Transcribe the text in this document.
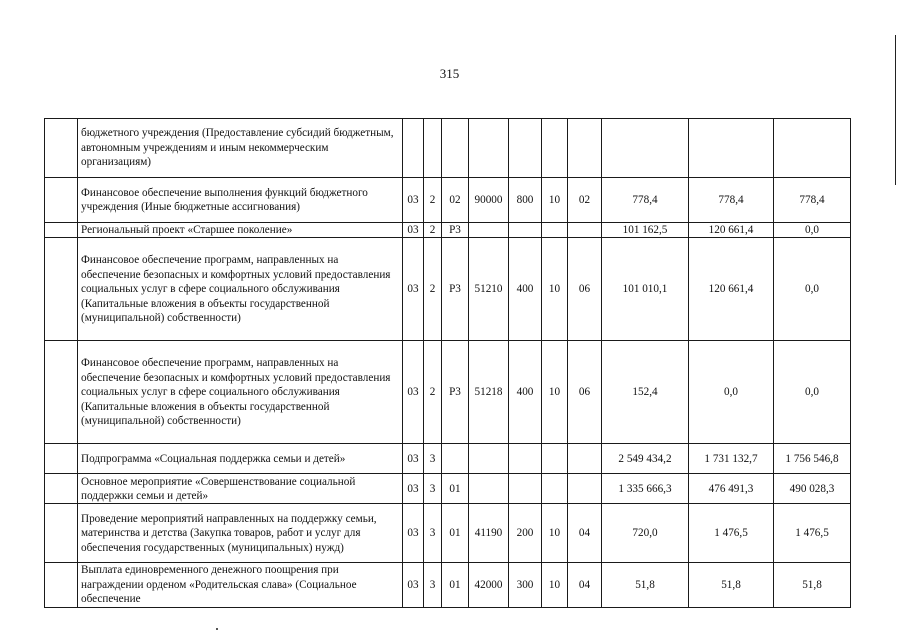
315
	бюджетного учреждения (Предоставление субсидий бюджетным, автономным учреждениям и иным некоммерческим организациям)										
	Финансовое обеспечение выполнения функций бюджетного учреждения (Иные бюджетные ассигнования)	03	2	02	90000	800	10	02	778,4	778,4	778,4
	Региональный проект «Старшее поколение»	03	2	Р3					101 162,5	120 661,4	0,0
	Финансовое обеспечение программ, направленных на обеспечение безопасных и комфортных условий предоставления социальных услуг в сфере социального обслуживания (Капитальные вложения в объекты государственной (муниципальной) собственности)	03	2	Р3	51210	400	10	06	101 010,1	120 661,4	0,0
	Финансовое обеспечение программ, направленных на обеспечение безопасных и комфортных условий предоставления социальных услуг в сфере социального обслуживания (Капитальные вложения в объекты государственной (муниципальной) собственности)	03	2	Р3	51218	400	10	06	152,4	0,0	0,0
	Подпрограмма «Социальная поддержка семьи и детей»	03	3						2 549 434,2	1 731 132,7	1 756 546,8
	Основное мероприятие «Совершенствование социальной поддержки семьи и детей»	03	3	01					1 335 666,3	476 491,3	490 028,3
	Проведение мероприятий направленных на поддержку семьи, материнства и детства (Закупка товаров, работ и услуг для обеспечения государственных (муниципальных) нужд)	03	3	01	41190	200	10	04	720,0	1 476,5	1 476,5
	Выплата единовременного денежного поощрения при награждении орденом «Родительская слава» (Социальное обеспечение	03	3	01	42000	300	10	04	51,8	51,8	51,8
